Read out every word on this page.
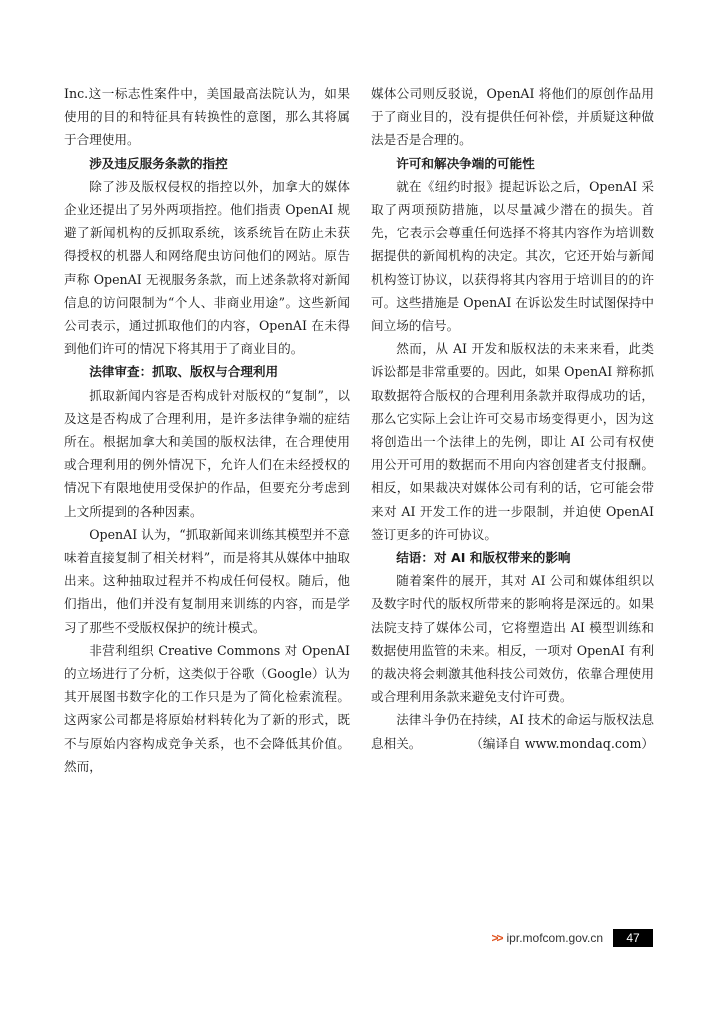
Inc.这一标志性案件中，美国最高法院认为，如果使用的目的和特征具有转换性的意图，那么其将属于合理使用。

涉及违反服务条款的指控

除了涉及版权侵权的指控以外，加拿大的媒体企业还提出了另外两项指控。他们指责 OpenAI 规避了新闻机构的反抓取系统，该系统旨在防止未获得授权的机器人和网络爬虫访问他们的网站。原告声称 OpenAI 无视服务条款，而上述条款将对新闻信息的访问限制为“个人、非商业用途”。这些新闻公司表示，通过抓取他们的内容，OpenAI 在未得到他们许可的情况下将其用于了商业目的。

法律审查：抓取、版权与合理利用

抓取新闻内容是否构成针对版权的“复制”，以及这是否构成了合理利用，是许多法律争端的症结所在。根据加拿大和美国的版权法律，在合理使用或合理利用的例外情况下，允许人们在未经授权的情况下有限地使用受保护的作品，但要充分考虑到上文所提到的各种因素。

OpenAI 认为，“抓取新闻来训练其模型并不意味着直接复制了相关材料”，而是将其从媒体中抽取出来。这种抽取过程并不构成任何侵权。随后，他们指出，他们并没有复制用来训练的内容，而是学习了那些不受版权保护的统计模式。

非营利组织 Creative Commons 对 OpenAI 的立场进行了分析，这类似于谷歌（Google）认为其开展图书数字化的工作只是为了简化检索流程。这两家公司都是将原始材料转化为了新的形式，既不与原始内容构成竞争关系，也不会降低其价值。然而，

媒体公司则反驳说，OpenAI 将他们的原创作品用于了商业目的，没有提供任何补偿，并质疑这种做法是否是合理的。

许可和解决争端的可能性

就在《纽约时报》提起诉讼之后，OpenAI 采取了两项预防措施，以尽量减少潜在的损失。首先，它表示会尊重任何选择不将其内容作为培训数据提供的新闻机构的决定。其次，它还开始与新闻机构签订协议，以获得将其内容用于培训目的的许可。这些措施是 OpenAI 在诉讼发生时试图保持中间立场的信号。

然而，从 AI 开发和版权法的未来来看，此类诉讼都是非常重要的。因此，如果 OpenAI 辩称抓取数据符合版权的合理利用条款并取得成功的话，那么它实际上会让许可交易市场变得更小，因为这将创造出一个法律上的先例，即让 AI 公司有权使用公开可用的数据而不用向内容创建者支付报酬。相反，如果裁决对媒体公司有利的话，它可能会带来对 AI 开发工作的进一步限制，并迫使 OpenAI 签订更多的许可协议。

结语：对 AI 和版权带来的影响

随着案件的展开，其对 AI 公司和媒体组织以及数字时代的版权所带来的影响将是深远的。如果法院支持了媒体公司，它将塑造出 AI 模型训练和数据使用监管的未来。相反，一项对 OpenAI 有利的裁决将会刺激其他科技公司效仿，依靠合理使用或合理利用条款来避免支付许可费。

法律斗争仍在持续，AI 技术的命运与版权法息息相关。	（编译自 www.mondaq.com）

>> ipr.mofcom.gov.cn	47
